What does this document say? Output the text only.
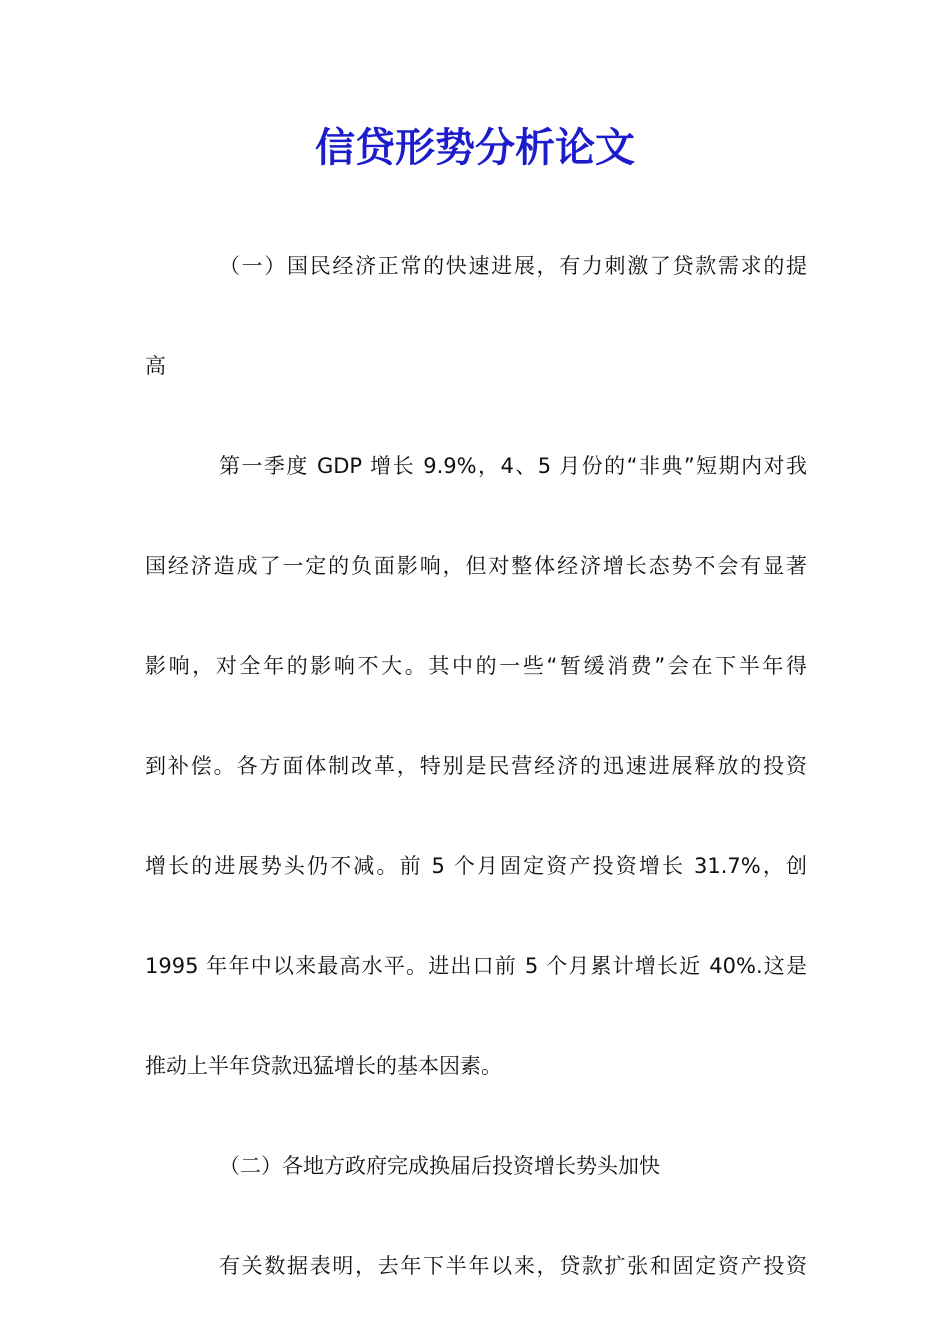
信贷形势分析论文
（一）国民经济正常的快速进展，有力刺激了贷款需求的提
高
第一季度 GDP 增长 9.9%，4、5 月份的“非典”短期内对我
国经济造成了一定的负面影响，但对整体经济增长态势不会有显著
影响，对全年的影响不大。其中的一些“暂缓消费”会在下半年得
到补偿。各方面体制改革，特别是民营经济的迅速进展释放的投资
增长的进展势头仍不减。前 5 个月固定资产投资增长 31.7%，创
1995 年年中以来最高水平。进出口前 5 个月累计增长近 40%.这是
推动上半年贷款迅猛增长的基本因素。
（二）各地方政府完成换届后投资增长势头加快
有关数据表明，去年下半年以来，贷款扩张和固定资产投资
